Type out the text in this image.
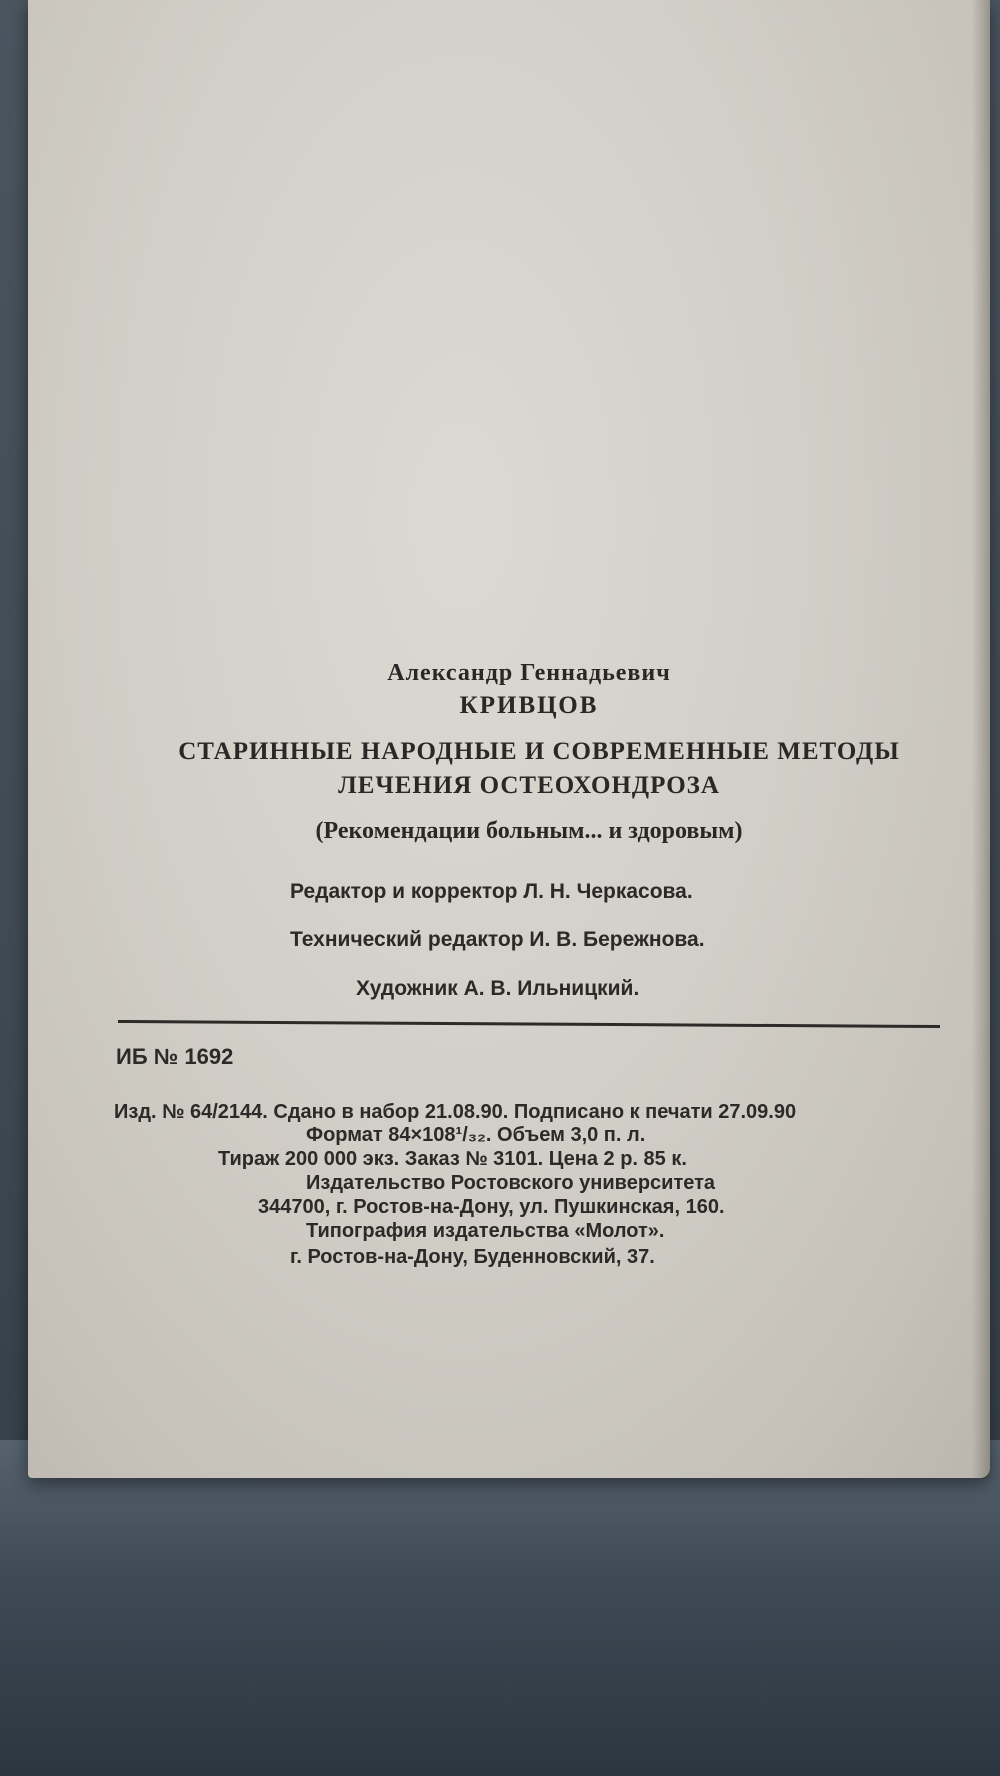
Александр Геннадьевич
КРИВЦОВ
СТАРИННЫЕ НАРОДНЫЕ И СОВРЕМЕННЫЕ МЕТОДЫ
ЛЕЧЕНИЯ ОСТЕОХОНДРОЗА
(Рекомендации больным... и здоровым)
Редактор и корректор Л. Н. Черкасова.
Технический редактор И. В. Бережнова.
Художник А. В. Ильницкий.
ИБ № 1692
Изд. № 64/2144. Сдано в набор 21.08.90. Подписано к печати 27.09.90
Формат 84×108¹/₃₂. Объем 3,0 п. л.
Тираж 200 000 экз. Заказ № 3101. Цена 2 р. 85 к.
Издательство Ростовского университета
344700, г. Ростов-на-Дону, ул. Пушкинская, 160.
Типография издательства «Молот».
г. Ростов-на-Дону, Буденновский, 37.
